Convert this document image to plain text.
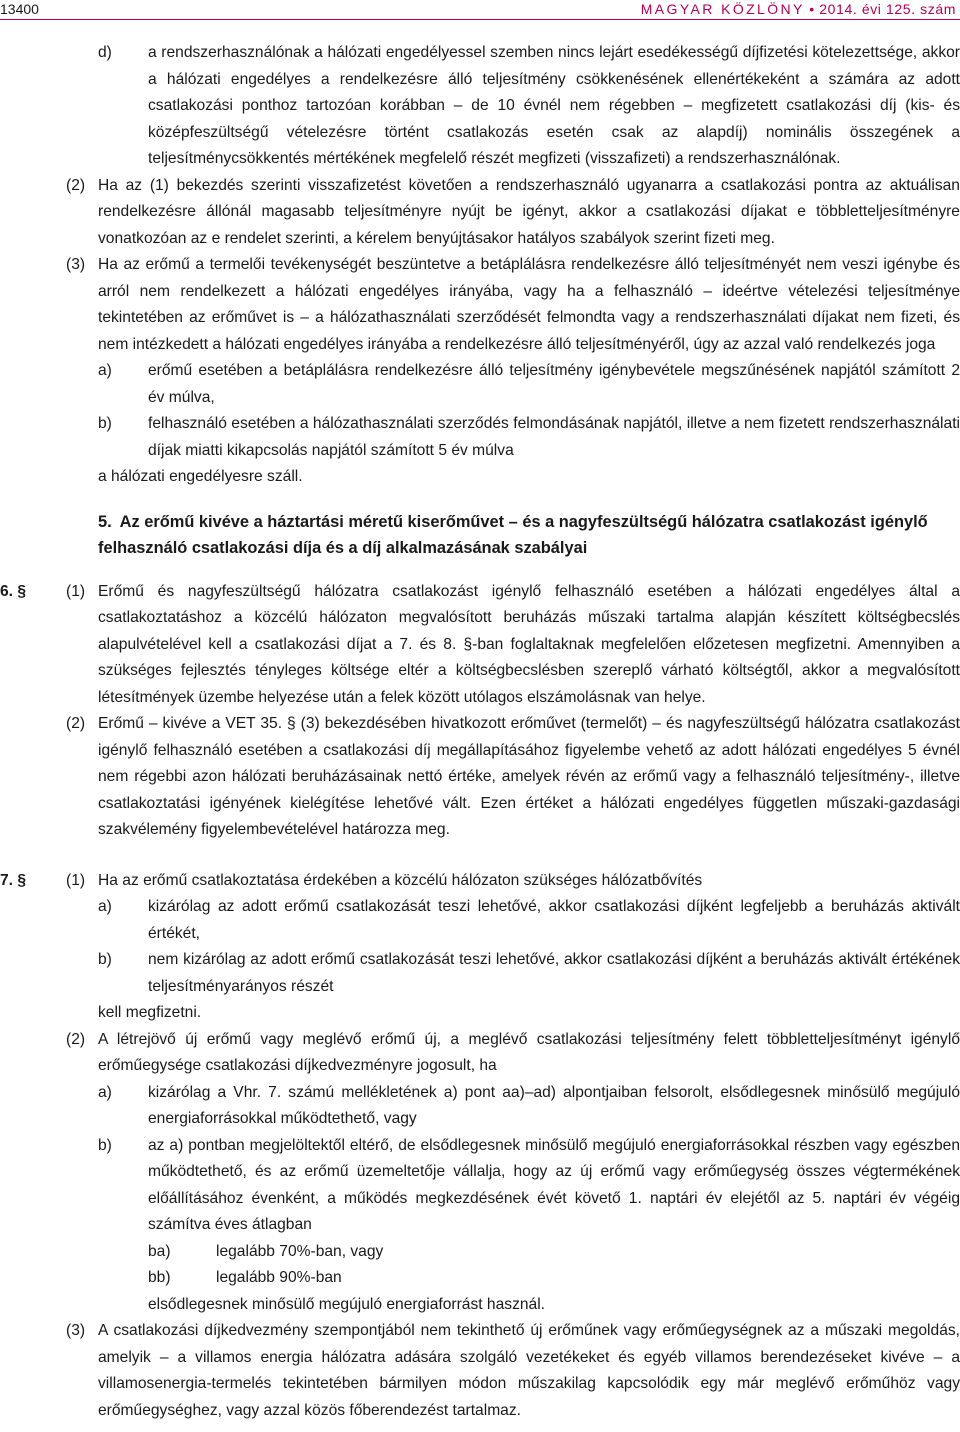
13400	MAGYAR KÖZLÖNY • 2014. évi 125. szám
d) a rendszerhasználónak a hálózati engedélyessel szemben nincs lejárt esedékességű díjfizetési kötelezettsége, akkor a hálózati engedélyes a rendelkezésre álló teljesítmény csökkenésének ellenértékeként a számára az adott csatlakozási ponthoz tartozóan korábban – de 10 évnél nem régebben – megfizetett csatlakozási díj (kis- és középfeszültségű vételezésre történt csatlakozás esetén csak az alapdíj) nominális összegének a teljesítménycsökkentés mértékének megfelelő részét megfizeti (visszafizeti) a rendszerhasználónak.
(2) Ha az (1) bekezdés szerinti visszafizetést követően a rendszerhasználó ugyanarra a csatlakozási pontra az aktuálisan rendelkezésre állónál magasabb teljesítményre nyújt be igényt, akkor a csatlakozási díjakat e többletteljesítményre vonatkozóan az e rendelet szerinti, a kérelem benyújtásakor hatályos szabályok szerint fizeti meg.
(3) Ha az erőmű a termelői tevékenységét beszüntetve a betáplálásra rendelkezésre álló teljesítményét nem veszi igénybe és arról nem rendelkezett a hálózati engedélyes irányába, vagy ha a felhasználó – ideértve vételezési teljesítménye tekintetében az erőművet is – a hálózathasználati szerződését felmondta vagy a rendszerhasználati díjakat nem fizeti, és nem intézkedett a hálózati engedélyes irányába a rendelkezésre álló teljesítményéről, úgy az azzal való rendelkezés joga
a) erőmű esetében a betáplálásra rendelkezésre álló teljesítmény igénybevétele megszűnésének napjától számított 2 év múlva,
b) felhasználó esetében a hálózathasználati szerződés felmondásának napjától, illetve a nem fizetett rendszerhasználati díjak miatti kikapcsolás napjától számított 5 év múlva
a hálózati engedélyesre száll.
5. Az erőmű kivéve a háztartási méretű kiserőművet – és a nagyfeszültségű hálózatra csatlakozást igénylő felhasználó csatlakozási díja és a díj alkalmazásának szabályai
6. §	(1) Erőmű és nagyfeszültségű hálózatra csatlakozást igénylő felhasználó esetében a hálózati engedélyes által a csatlakoztatáshoz a közcélú hálózaton megvalósított beruházás műszaki tartalma alapján készített költségbecslés alapulvételével kell a csatlakozási díjat a 7. és 8. §-ban foglaltaknak megfelelően előzetesen megfizetni. Amennyiben a szükséges fejlesztés tényleges költsége eltér a költségbecslésben szereplő várható költségtől, akkor a megvalósított létesítmények üzembe helyezése után a felek között utólagos elszámolásnak van helye.
(2) Erőmű – kivéve a VET 35. § (3) bekezdésében hivatkozott erőművet (termelőt) – és nagyfeszültségű hálózatra csatlakozást igénylő felhasználó esetében a csatlakozási díj megállapításához figyelembe vehető az adott hálózati engedélyes 5 évnél nem régebbi azon hálózati beruházásainak nettó értéke, amelyek révén az erőmű vagy a felhasználó teljesítmény-, illetve csatlakoztatási igényének kielégítése lehetővé vált. Ezen értéket a hálózati engedélyes független műszaki-gazdasági szakvélemény figyelembevételével határozza meg.
7. §	(1) Ha az erőmű csatlakoztatása érdekében a közcélú hálózaton szükséges hálózatbővítés
a) kizárólag az adott erőmű csatlakozását teszi lehetővé, akkor csatlakozási díjként legfeljebb a beruházás aktivált értékét,
b) nem kizárólag az adott erőmű csatlakozását teszi lehetővé, akkor csatlakozási díjként a beruházás aktivált értékének teljesítményarányos részét
kell megfizetni.
(2) A létrejövő új erőmű vagy meglévő erőmű új, a meglévő csatlakozási teljesítmény felett többletteljesítményt igénylő erőműegysége csatlakozási díjkedvezményre jogosult, ha
a) kizárólag a Vhr. 7. számú mellékletének a) pont aa)–ad) alpontjaiban felsorolt, elsődlegesnek minősülő megújuló energiaforrásokkal működtethető, vagy
b) az a) pontban megjelöltektől eltérő, de elsődlegesnek minősülő megújuló energiaforrásokkal részben vagy egészben működtethető, és az erőmű üzemeltetője vállalja, hogy az új erőmű vagy erőműegység összes végtermékének előállításához évenként, a működés megkezdésének évét követő 1. naptári év elejétől az 5. naptári év végéig számítva éves átlagban
ba)	legalább 70%-ban, vagy
bb)	legalább 90%-ban
elsődlegesnek minősülő megújuló energiaforrást használ.
(3) A csatlakozási díjkedvezmény szempontjából nem tekinthető új erőműnek vagy erőműegységnek az a műszaki megoldás, amelyik – a villamos energia hálózatra adására szolgáló vezetékeket és egyéb villamos berendezéseket kivéve – a villamosenergia-termelés tekintetében bármilyen módon műszakilag kapcsolódik egy már meglévő erőműhöz vagy erőműegységhez, vagy azzal közös főberendezést tartalmaz.
